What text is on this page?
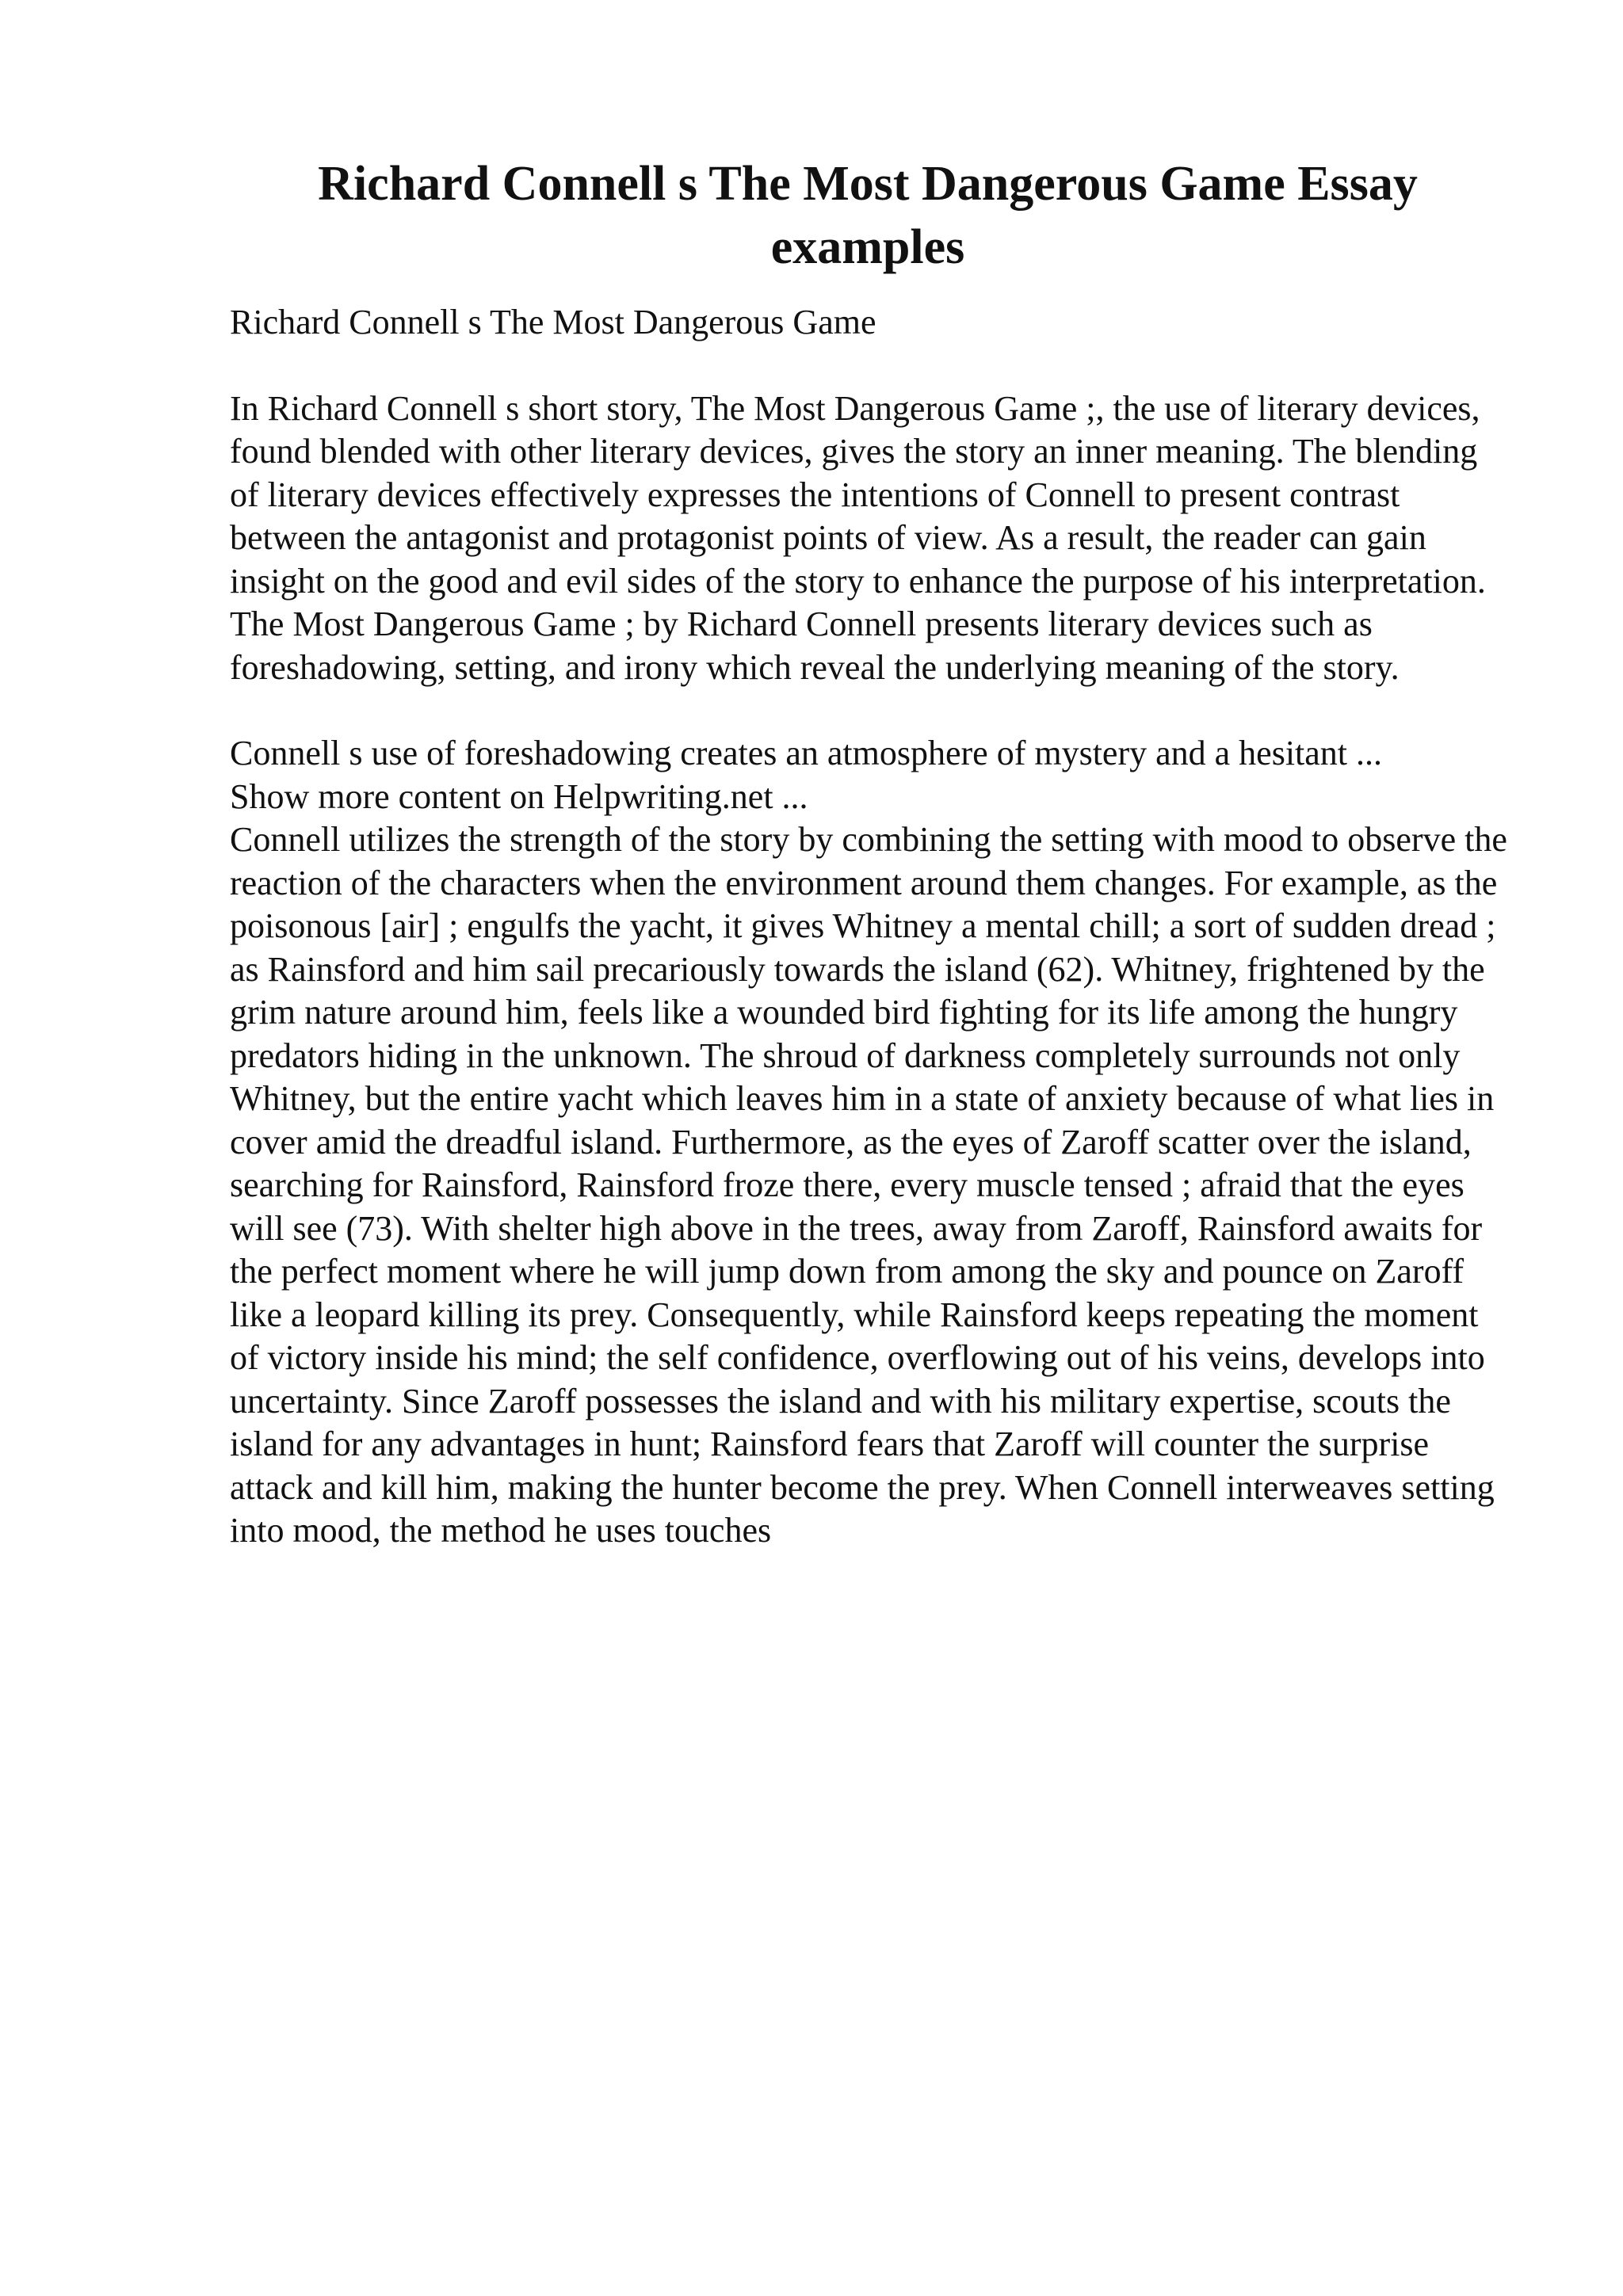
Richard Connell s The Most Dangerous Game Essay examples

Richard Connell s The Most Dangerous Game

In Richard Connell s short story, The Most Dangerous Game ;, the use of literary devices, found blended with other literary devices, gives the story an inner meaning. The blending of literary devices effectively expresses the intentions of Connell to present contrast between the antagonist and protagonist points of view. As a result, the reader can gain insight on the good and evil sides of the story to enhance the purpose of his interpretation. The Most Dangerous Game ; by Richard Connell presents literary devices such as foreshadowing, setting, and irony which reveal the underlying meaning of the story.

Connell s use of foreshadowing creates an atmosphere of mystery and a hesitant ...

Show more content on Helpwriting.net ...

Connell utilizes the strength of the story by combining the setting with mood to observe the reaction of the characters when the environment around them changes. For example, as the poisonous [air] ; engulfs the yacht, it gives Whitney a mental chill; a sort of sudden dread ; as Rainsford and him sail precariously towards the island (62). Whitney, frightened by the grim nature around him, feels like a wounded bird fighting for its life among the hungry predators hiding in the unknown. The shroud of darkness completely surrounds not only Whitney, but the entire yacht which leaves him in a state of anxiety because of what lies in cover amid the dreadful island. Furthermore, as the eyes of Zaroff scatter over the island, searching for Rainsford, Rainsford froze there, every muscle tensed ; afraid that the eyes will see (73). With shelter high above in the trees, away from Zaroff, Rainsford awaits for the perfect moment where he will jump down from among the sky and pounce on Zaroff like a leopard killing its prey. Consequently, while Rainsford keeps repeating the moment of victory inside his mind; the self confidence, overflowing out of his veins, develops into uncertainty. Since Zaroff possesses the island and with his military expertise, scouts the island for any advantages in hunt; Rainsford fears that Zaroff will counter the surprise attack and kill him, making the hunter become the prey. When Connell interweaves setting into mood, the method he uses touches
